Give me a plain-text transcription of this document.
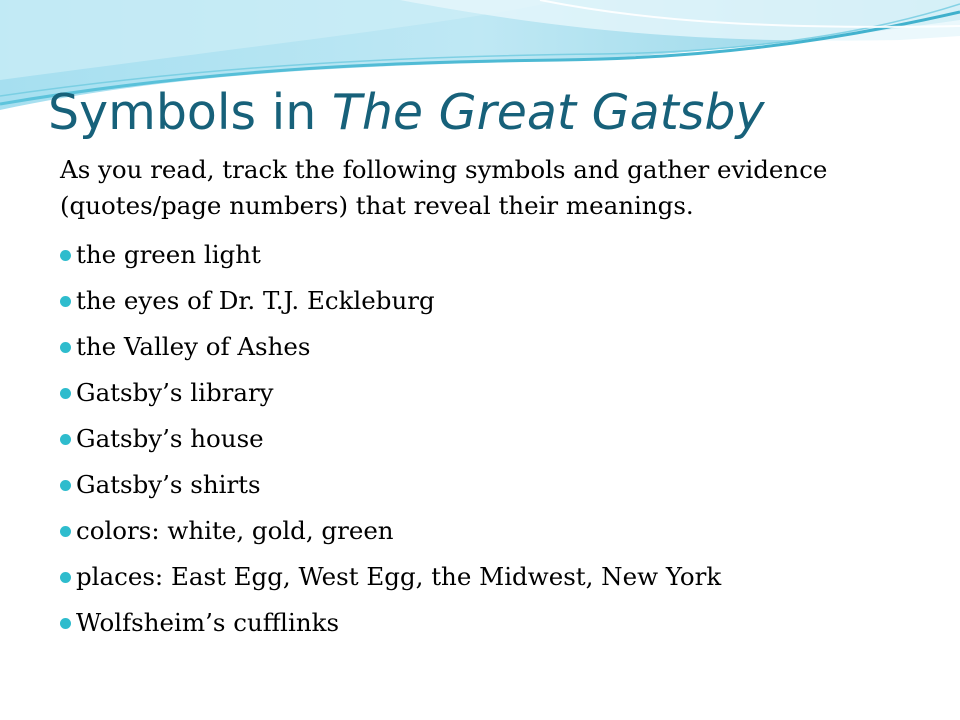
Symbols in The Great Gatsby

As you read, track the following symbols and gather evidence (quotes/page numbers) that reveal their meanings.

the green light
the eyes of Dr. T.J. Eckleburg
the Valley of Ashes
Gatsby’s library
Gatsby’s house
Gatsby’s shirts
colors: white, gold, green
places: East Egg, West Egg, the Midwest, New York
Wolfsheim’s cufflinks
